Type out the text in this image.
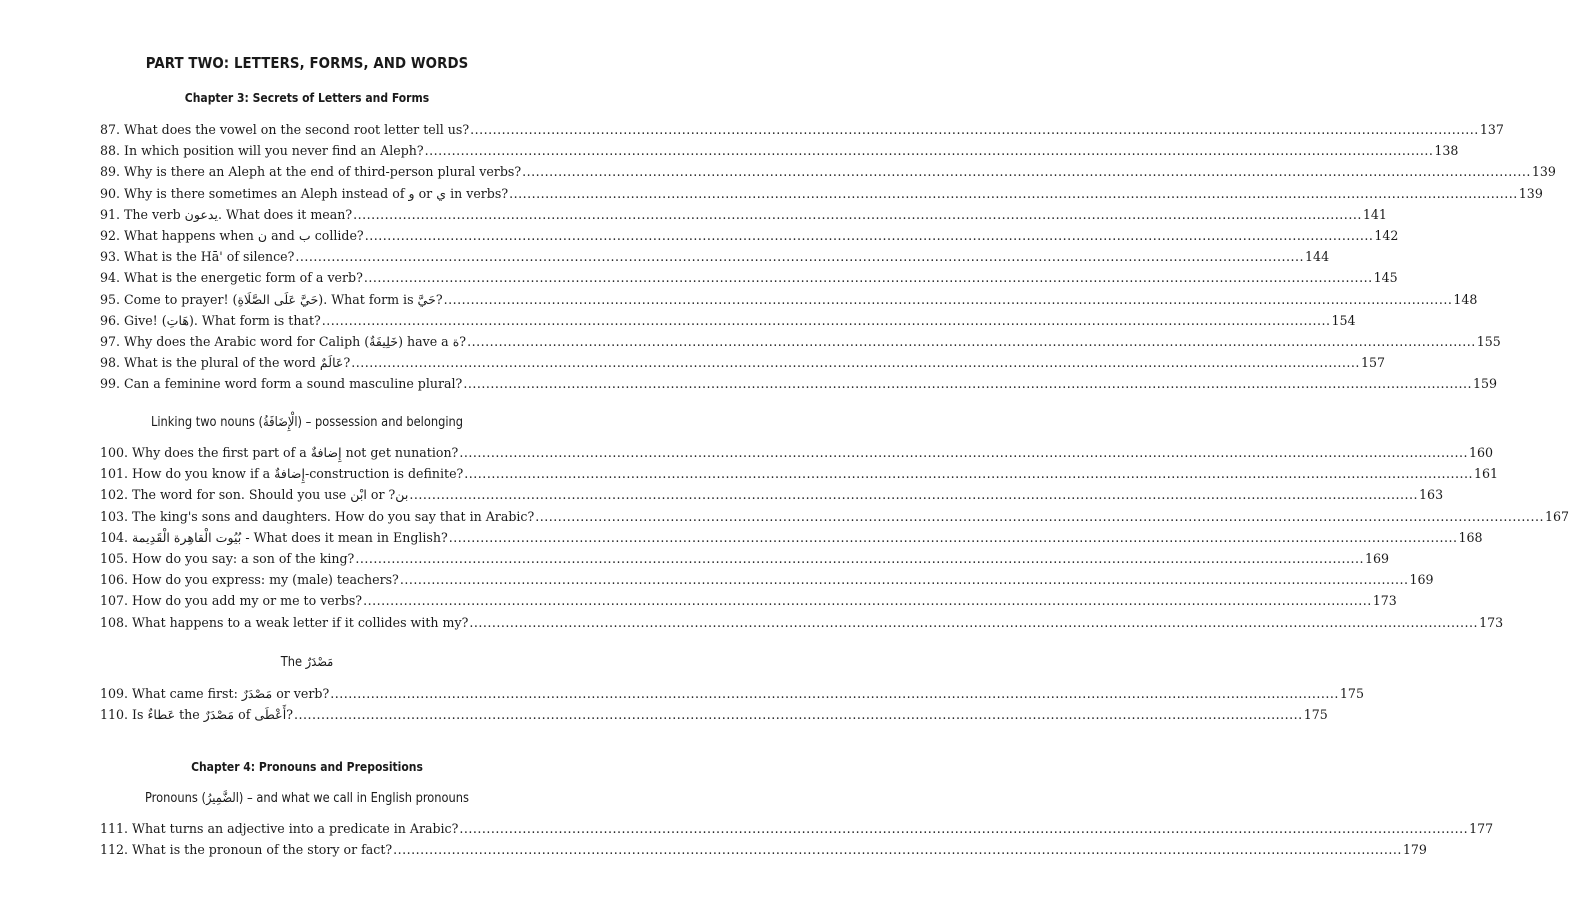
PART TWO: LETTERS, FORMS, AND WORDS
Chapter 3: Secrets of Letters and Forms
87. What does the vowel on the second root letter tell us? .....	137
88. In which position will you never find an Aleph? .....	138
89. Why is there an Aleph at the end of third-person plural verbs? .....	139
90. Why is there sometimes an Aleph instead of و or ي in verbs? .....	139
91. The verb يدعون. What does it mean? .....	141
92. What happens when ن and ب collide? .....	142
93. What is the Hā' of silence? .....	144
94. What is the energetic form of a verb? .....	145
95. Come to prayer! (حَيَّ عَلَى الصَّلَاةِ). What form is حَيَّ? .....	148
96. Give! (هَاتِ). What form is that? .....	154
97. Why does the Arabic word for Caliph (خَلِيفَةٌ) have a ة? .....	155
98. What is the plural of the word عَالَمٌ? .....	157
99. Can a feminine word form a sound masculine plural? .....	159
Linking two nouns (الْإِضَافَةُ) – possession and belonging
100. Why does the first part of a إِضافةٌ not get nunation? .....	160
101. How do you know if a إِضافةٌ-construction is definite? .....	161
102. The word for son. Should you use ابْن or ?بن .....	163
103. The king's sons and daughters. How do you say that in Arabic? .....	167
104. بُيُوت الْقاهِرة الْقَدِيمة - What does it mean in English? .....	168
105. How do you say: a son of the king? .....	169
106. How do you express: my (male) teachers? .....	169
107. How do you add my or me to verbs? .....	173
108. What happens to a weak letter if it collides with my? .....	173
The مَصْدَرٌ
109. What came first: مَصْدَرٌ or verb? .....	175
110. Is عَطاءٌ the مَصْدَرٌ of أَعْطَى? .....	175
Chapter 4: Pronouns and Prepositions
Pronouns (الضَّمِيرُ) – and what we call in English pronouns
111. What turns an adjective into a predicate in Arabic? .....	177
112. What is the pronoun of the story or fact? .....	179
